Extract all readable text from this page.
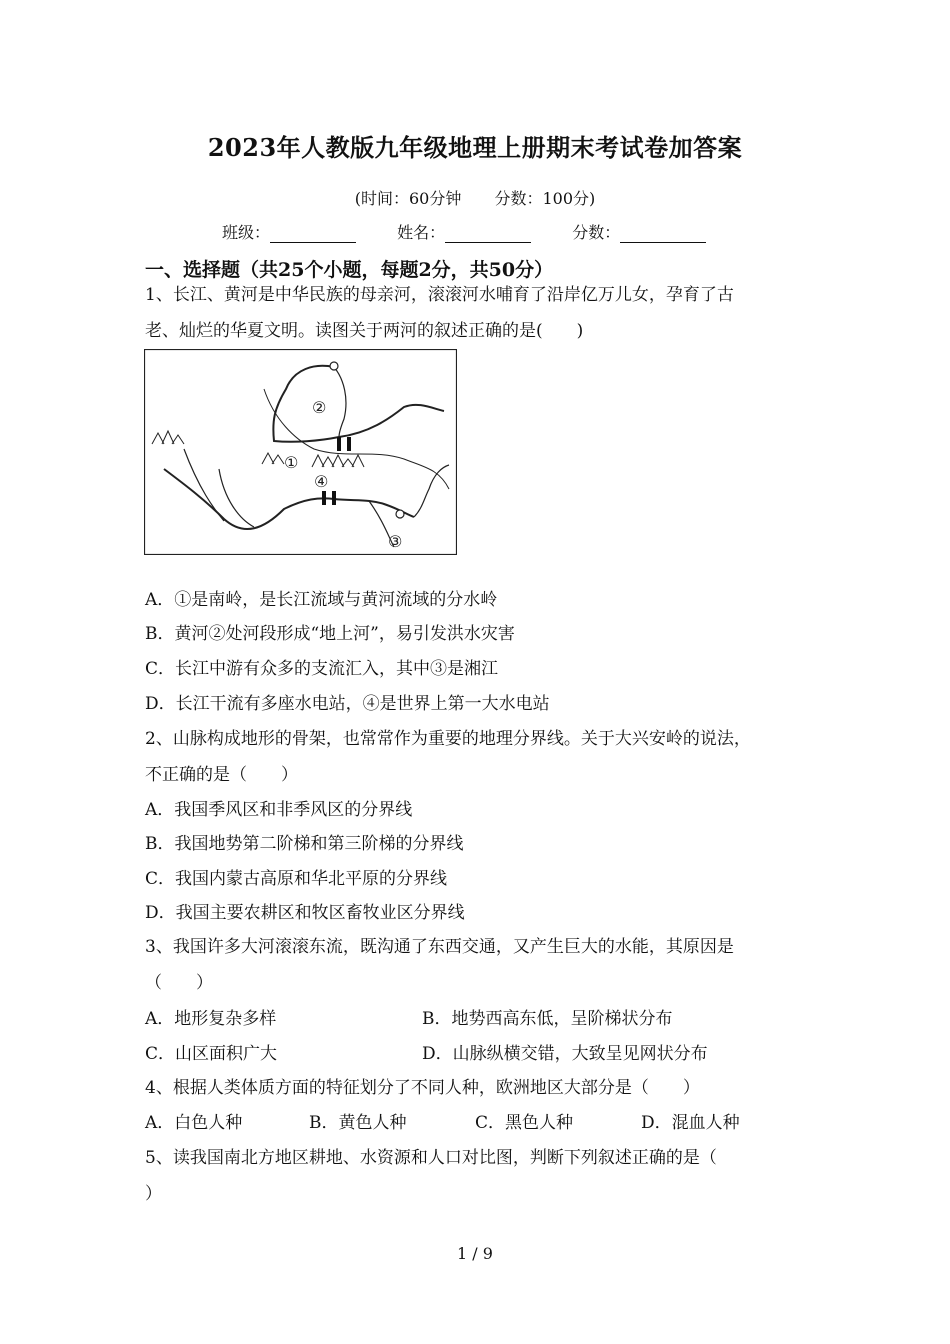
2023年人教版九年级地理上册期末考试卷加答案
(时间：60分钟 分数：100分)
班级：	姓名：	分数：
一、选择题（共25个小题，每题2分，共50分）
1、长江、黄河是中华民族的母亲河，滚滚河水哺育了沿岸亿万儿女，孕育了古
老、灿烂的华夏文明。读图关于两河的叙述正确的是(　　)
②
①
④
③
A．①是南岭，是长江流域与黄河流域的分水岭
B．黄河②处河段形成“地上河”，易引发洪水灾害
C．长江中游有众多的支流汇入，其中③是湘江
D．长江干流有多座水电站，④是世界上第一大水电站
2、山脉构成地形的骨架，也常常作为重要的地理分界线。关于大兴安岭的说法，
不正确的是（　　）
A．我国季风区和非季风区的分界线
B．我国地势第二阶梯和第三阶梯的分界线
C．我国内蒙古高原和华北平原的分界线
D．我国主要农耕区和牧区畜牧业区分界线
3、我国许多大河滚滚东流，既沟通了东西交通，又产生巨大的水能，其原因是
（　　）
A．地形复杂多样	B．地势西高东低，呈阶梯状分布
C．山区面积广大	D．山脉纵横交错，大致呈见网状分布
4、根据人类体质方面的特征划分了不同人种，欧洲地区大部分是（　　）
A．白色人种	B．黄色人种	C．黑色人种	D．混血人种
5、读我国南北方地区耕地、水资源和人口对比图，判断下列叙述正确的是（
）
1 / 9
